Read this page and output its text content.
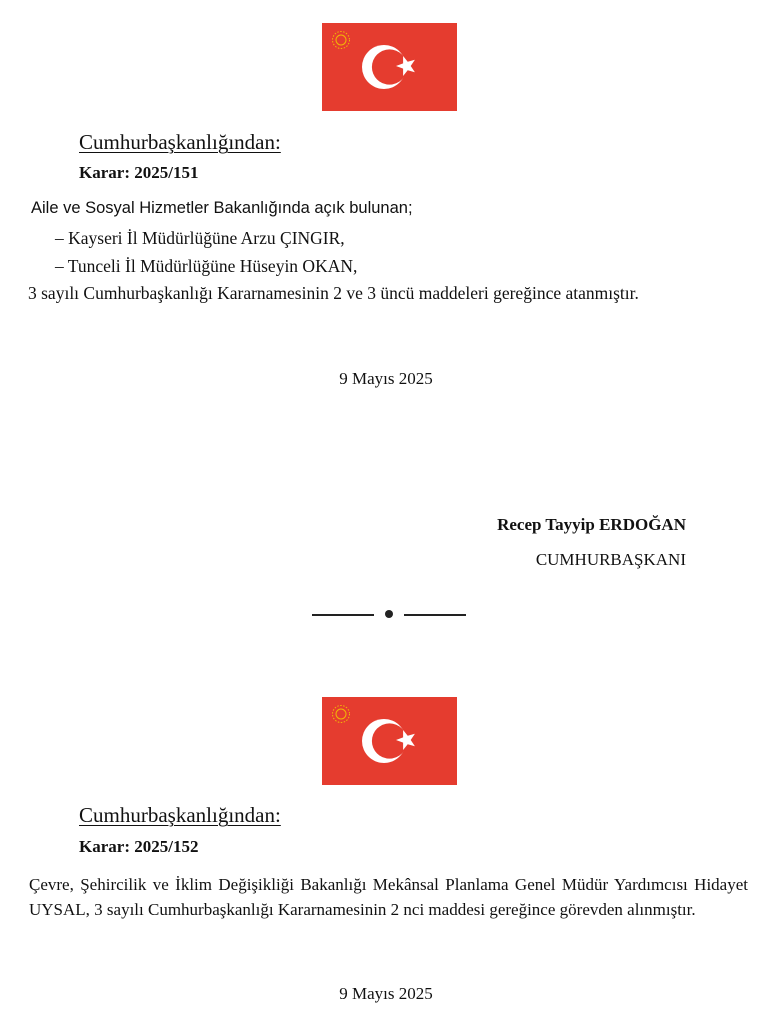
Cumhurbaşkanlığından:
Karar: 2025/151
Aile ve Sosyal Hizmetler Bakanlığında açık bulunan;
– Kayseri İl Müdürlüğüne Arzu ÇINGIR,
– Tunceli İl Müdürlüğüne Hüseyin OKAN,
3 sayılı Cumhurbaşkanlığı Kararnamesinin 2 ve 3 üncü maddeleri gereğince atanmıştır.
9 Mayıs 2025
Recep Tayyip ERDOĞAN
CUMHURBAŞKANI
Cumhurbaşkanlığından:
Karar: 2025/152
Çevre, Şehircilik ve İklim Değişikliği Bakanlığı Mekânsal Planlama Genel Müdür Yardımcısı Hidayet UYSAL, 3 sayılı Cumhurbaşkanlığı Kararnamesinin 2 nci maddesi gereğince görevden alınmıştır.
9 Mayıs 2025
